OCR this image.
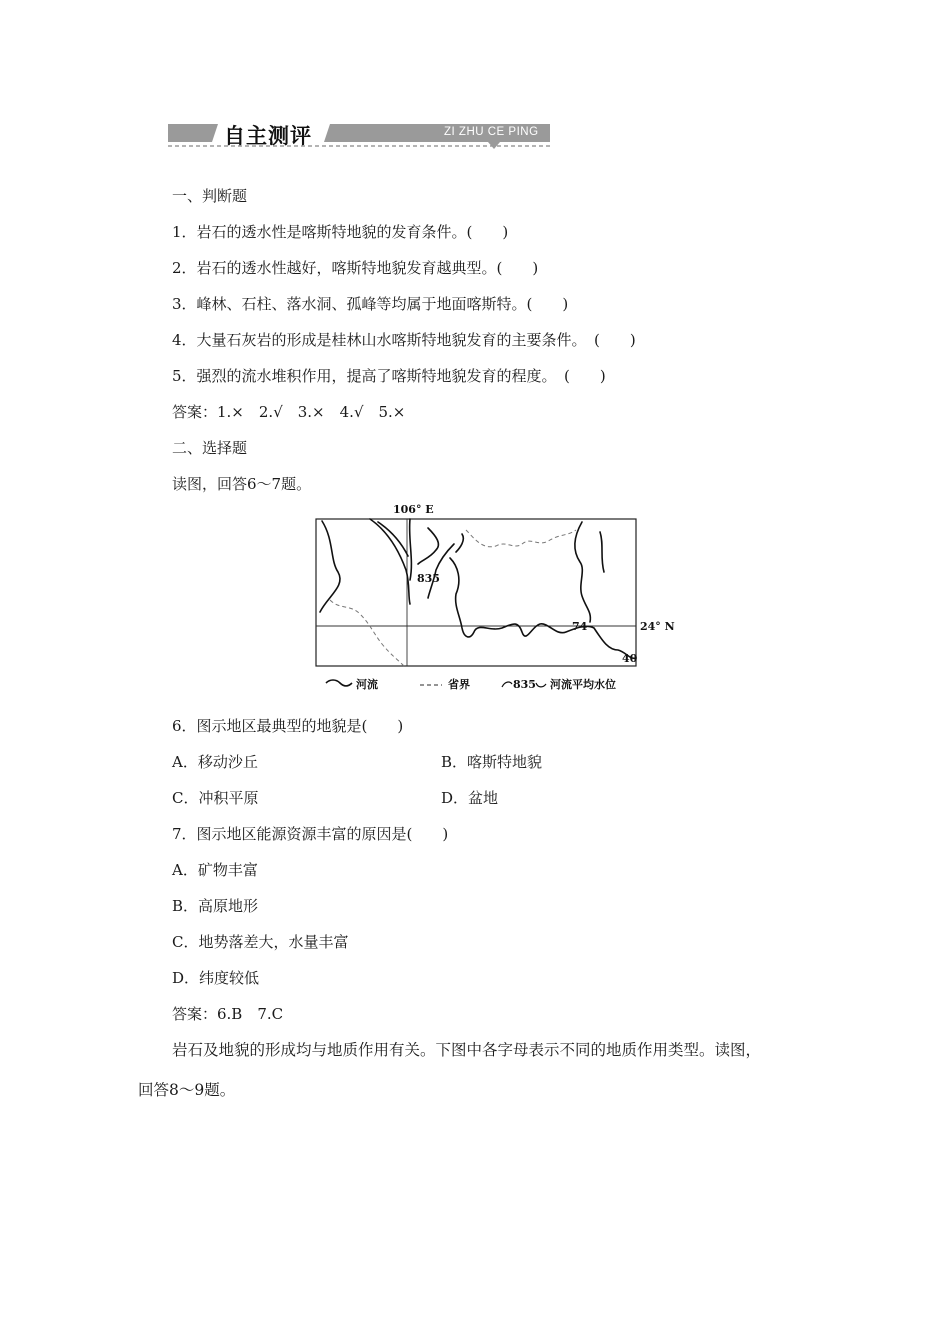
自主测评	ZI ZHU CE PING
一、判断题
1．岩石的透水性是喀斯特地貌的发育条件。(　　)
2．岩石的透水性越好，喀斯特地貌发育越典型。(　　)
3．峰林、石柱、落水洞、孤峰等均属于地面喀斯特。(　　)
4．大量石灰岩的形成是桂林山水喀斯特地貌发育的主要条件。　(　　)
5．强烈的流水堆积作用，提高了喀斯特地貌发育的程度。　(　　)
答案：1.×　2.√　3.×　4.√　5.×
二、选择题
读图，回答6～7题。
106° E
24° N
835
74
40
河流	省界	835 河流平均水位
6．图示地区最典型的地貌是(　　)
A．移动沙丘	B．喀斯特地貌
C．冲积平原	D．盆地
7．图示地区能源资源丰富的原因是(　　)
A．矿物丰富
B．高原地形
C．地势落差大，水量丰富
D．纬度较低
答案：6.B　7.C
岩石及地貌的形成均与地质作用有关。下图中各字母表示不同的地质作用类型。读图，
回答8～9题。
